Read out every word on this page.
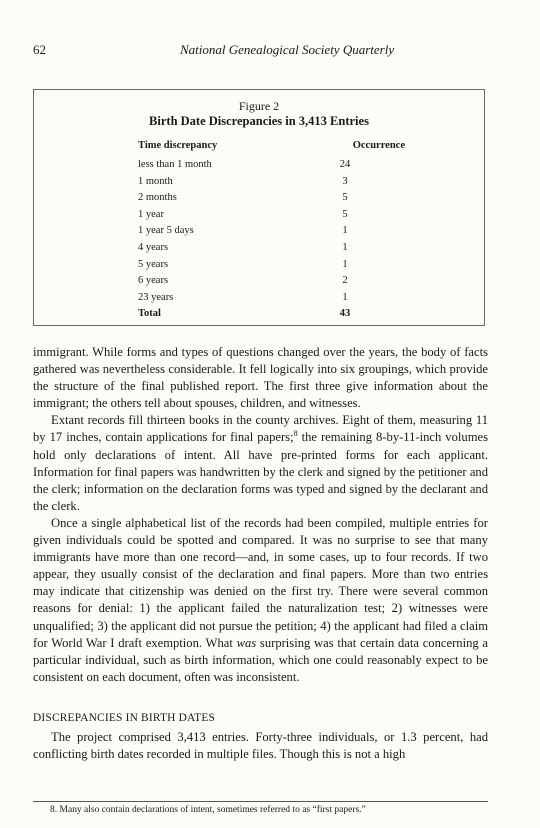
62	National Genealogical Society Quarterly
Figure 2
Birth Date Discrepancies in 3,413 Entries
Time discrepancy	Occurrence
less than 1 month	24
1 month	3
2 months	5
1 year	5
1 year 5 days	1
4 years	1
5 years	1
6 years	2
23 years	1
Total	43

immigrant. While forms and types of questions changed over the years, the body of facts gathered was nevertheless considerable. It fell logically into six groupings, which provide the structure of the final published report. The first three give information about the immigrant; the others tell about spouses, children, and witnesses.

Extant records fill thirteen books in the county archives. Eight of them, measuring 11 by 17 inches, contain applications for final papers;$^8$ the remaining 8-by-11-inch volumes hold only declarations of intent. All have pre-printed forms for each applicant. Information for final papers was handwritten by the clerk and signed by the petitioner and the clerk; information on the declaration forms was typed and signed by the declarant and the clerk.

Once a single alphabetical list of the records had been compiled, multiple entries for given individuals could be spotted and compared. It was no surprise to see that many immigrants have more than one record—and, in some cases, up to four records. If two appear, they usually consist of the declaration and final papers. More than two entries may indicate that citizenship was denied on the first try. There were several common reasons for denial: 1) the applicant failed the naturalization test; 2) witnesses were unqualified; 3) the applicant did not pursue the petition; 4) the applicant had filed a claim for World War I draft exemption. What was surprising was that certain data concerning a particular individual, such as birth information, which one could reasonably expect to be consistent on each document, often was inconsistent.

DISCREPANCIES IN BIRTH DATES

The project comprised 3,413 entries. Forty-three individuals, or 1.3 percent, had conflicting birth dates recorded in multiple files. Though this is not a high

8. Many also contain declarations of intent, sometimes referred to as “first papers.”
